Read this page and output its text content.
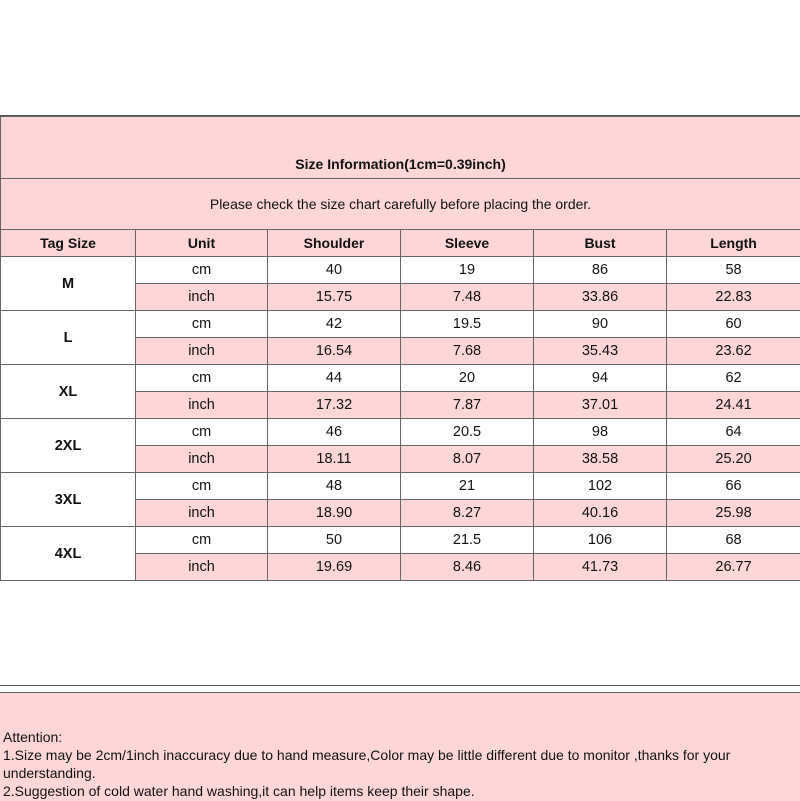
Size Information(1cm=0.39inch)					
Please check the size chart carefully before placing the order.					
Tag Size	Unit	Shoulder	Sleeve	Bust	Length
M	cm	40	19	86	58
	inch	15.75	7.48	33.86	22.83
L	cm	42	19.5	90	60
	inch	16.54	7.68	35.43	23.62
XL	cm	44	20	94	62
	inch	17.32	7.87	37.01	24.41
2XL	cm	46	20.5	98	64
	inch	18.11	8.07	38.58	25.20
3XL	cm	48	21	102	66
	inch	18.90	8.27	40.16	25.98
4XL	cm	50	21.5	106	68
	inch	19.69	8.46	41.73	26.77
Attention:
1.Size may be 2cm/1inch inaccuracy due to hand measure,Color may be little different due to monitor ,thanks for your understanding.
2.Suggestion of cold water hand washing,it can help items keep their shape.
